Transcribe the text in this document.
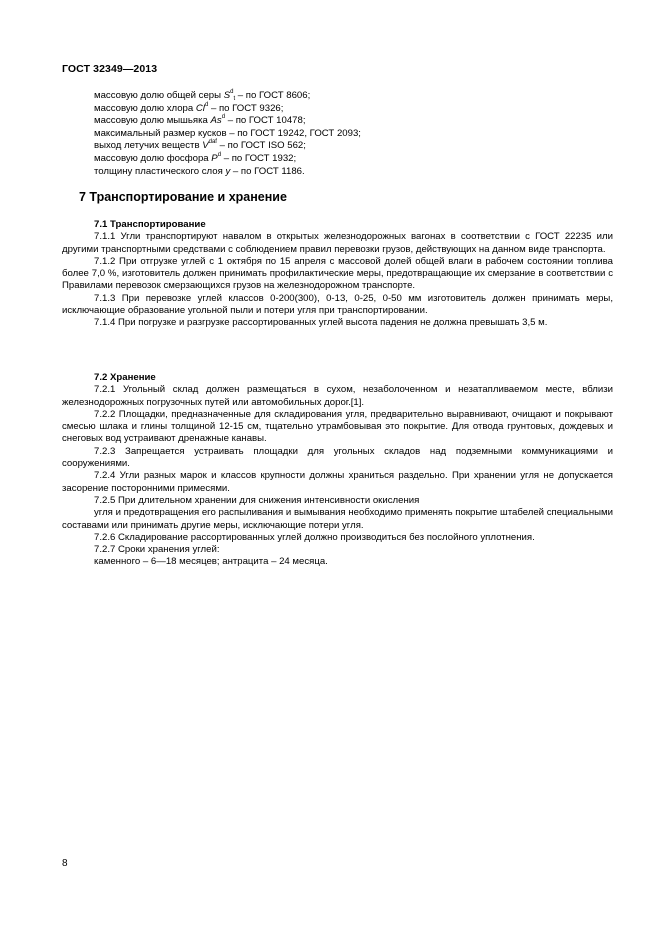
ГОСТ 32349—2013
массовую долю общей серы $S^d_t$ – по ГОСТ 8606;
массовую долю хлора Cl$^d$ – по ГОСТ 9326;
массовую долю мышьяка As$^d$ – по ГОСТ 10478;
максимальный размер кусков – по ГОСТ 19242, ГОСТ 2093;
выход летучих веществ $V^{daf}$ – по ГОСТ ISO 562;
массовую долю фосфора $P^d$ – по ГОСТ 1932;
толщину пластического слоя y – по ГОСТ 1186.
7 Транспортирование и хранение

7.1 Транспортирование

7.1.1 Угли транспортируют навалом в открытых железнодорожных вагонах в соответствии с ГОСТ 22235 или другими транспортными средствами с соблюдением правил перевозки грузов, действующих на данном виде транспорта.

7.1.2 При отгрузке углей с 1 октября по 15 апреля с массовой долей общей влаги в рабочем состоянии топлива более 7,0 %, изготовитель должен принимать профилактические меры, предотвращающие их смерзание в соответствии с Правилами перевозок смерзающихся грузов на железнодорожном транспорте.

7.1.3 При перевозке углей классов 0-200(300), 0-13, 0-25, 0-50 мм изготовитель должен принимать меры, исключающие образование угольной пыли и потери угля при транспортировании.

7.1.4 При погрузке и разгрузке рассортированных углей высота падения не должна превышать 3,5 м.

7.2 Хранение

7.2.1 Угольный склад должен размещаться в сухом, незаболоченном и незатапливаемом месте, вблизи железнодорожных погрузочных путей или автомобильных дорог.[1].

7.2.2 Площадки, предназначенные для складирования угля, предварительно выравнивают, очищают и покрывают смесью шлака и глины толщиной 12-15 см, тщательно утрамбовывая это покрытие. Для отвода грунтовых, дождевых и снеговых вод устраивают дренажные канавы.

7.2.3 Запрещается устраивать площадки для угольных складов над подземными коммуникациями и сооружениями.

7.2.4 Угли разных марок и классов крупности должны храниться раздельно. При хранении угля не допускается засорение посторонними примесями.

7.2.5 При длительном хранении для снижения интенсивности окисления

угля и предотвращения его распыливания и вымывания необходимо применять покрытие штабелей специальными составами или принимать другие меры, исключающие потери угля.

7.2.6 Складирование рассортированных углей должно производиться без послойного уплотнения.

7.2.7 Сроки хранения углей:

каменного – 6—18 месяцев; антрацита – 24 месяца.

8
